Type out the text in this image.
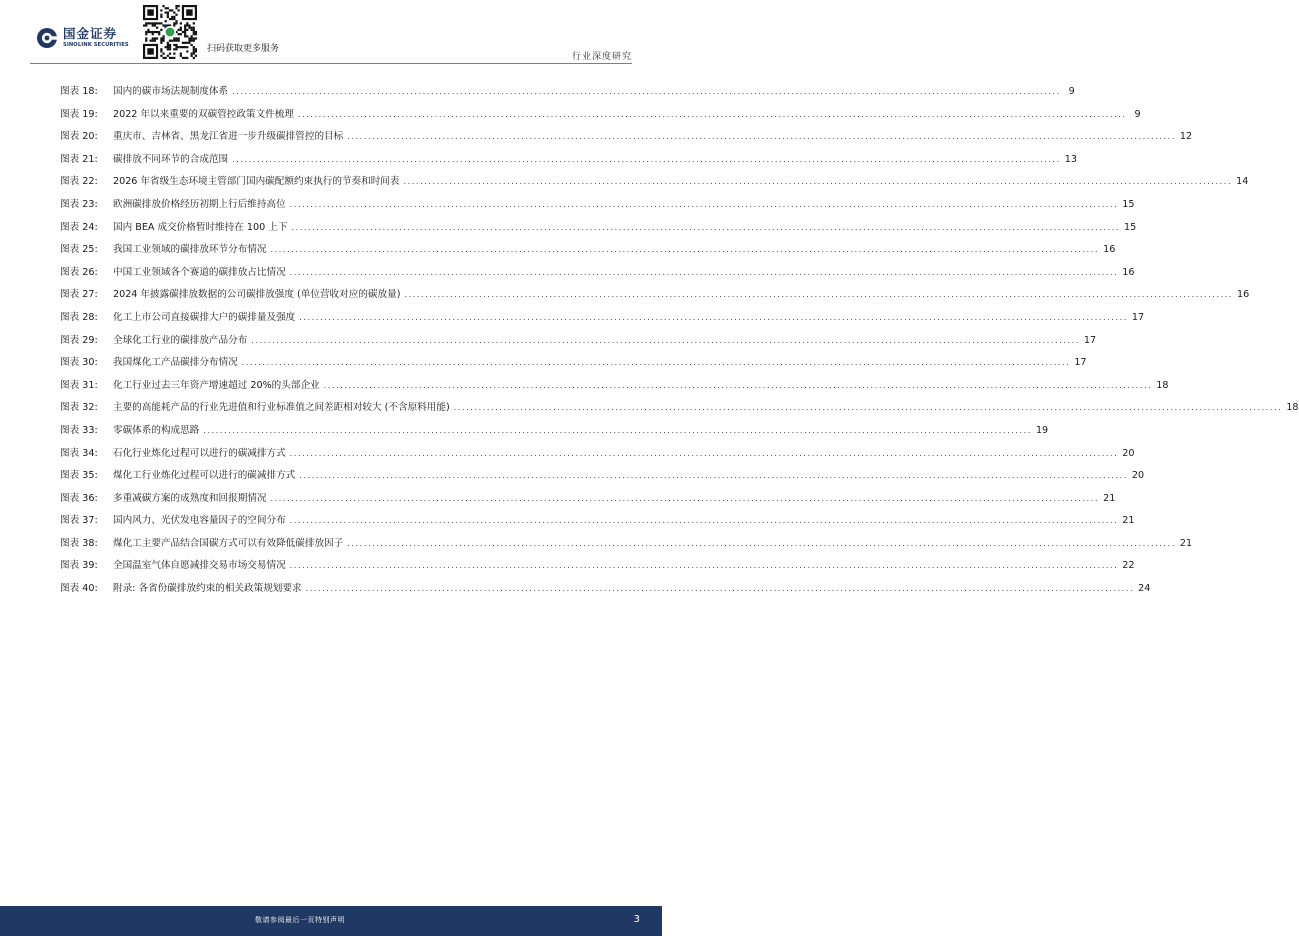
国金证券
SINOLINK SECURITIES	扫码获取更多服务
行业深度研究
图表 18:	国内的碳市场法规制度体系 ........................................................................................................................................................................................................ 9
图表 19:	2022 年以来重要的双碳管控政策文件梳理 ........................................................................................................................................................................................................ 9
图表 20:	重庆市、吉林省、黑龙江省进一步升级碳排管控的目标 ........................................................................................................................................................................................................ 12
图表 21:	碳排放不同环节的合成范围 ........................................................................................................................................................................................................ 13
图表 22:	2026 年省级生态环境主管部门国内碳配额约束执行的节奏和时间表 ........................................................................................................................................................................................................ 14
图表 23:	欧洲碳排放价格经历初期上行后维持高位 ........................................................................................................................................................................................................ 15
图表 24:	国内 BEA 成交价格暂时维持在 100 上下 ........................................................................................................................................................................................................ 15
图表 25:	我国工业领域的碳排放环节分布情况 ........................................................................................................................................................................................................ 16
图表 26:	中国工业领域各个赛道的碳排放占比情况 ........................................................................................................................................................................................................ 16
图表 27:	2024 年披露碳排放数据的公司碳排放强度 (单位营收对应的碳放量) ........................................................................................................................................................................................................ 16
图表 28:	化工上市公司直接碳排大户的碳排量及强度 ........................................................................................................................................................................................................ 17
图表 29:	全球化工行业的碳排放产品分布 ........................................................................................................................................................................................................ 17
图表 30:	我国煤化工产品碳排分布情况 ........................................................................................................................................................................................................ 17
图表 31:	化工行业过去三年资产增速超过 20%的头部企业 ........................................................................................................................................................................................................ 18
图表 32:	主要的高能耗产品的行业先进值和行业标准值之间差距相对较大 (不含原料用能) ........................................................................................................................................................................................................ 18
图表 33:	零碳体系的构成思路 ........................................................................................................................................................................................................ 19
图表 34:	石化行业炼化过程可以进行的碳减排方式 ........................................................................................................................................................................................................ 20
图表 35:	煤化工行业炼化过程可以进行的碳减排方式 ........................................................................................................................................................................................................ 20
图表 36:	多重减碳方案的成熟度和回报期情况 ........................................................................................................................................................................................................ 21
图表 37:	国内风力、光伏发电容量因子的空间分布 ........................................................................................................................................................................................................ 21
图表 38:	煤化工主要产品结合国碳方式可以有效降低碳排放因子 ........................................................................................................................................................................................................ 21
图表 39:	全国温室气体自愿减排交易市场交易情况 ........................................................................................................................................................................................................ 22
图表 40:	附录: 各省份碳排放约束的相关政策规划要求 ........................................................................................................................................................................................................ 24
敬请参阅最后一页特别声明	3
